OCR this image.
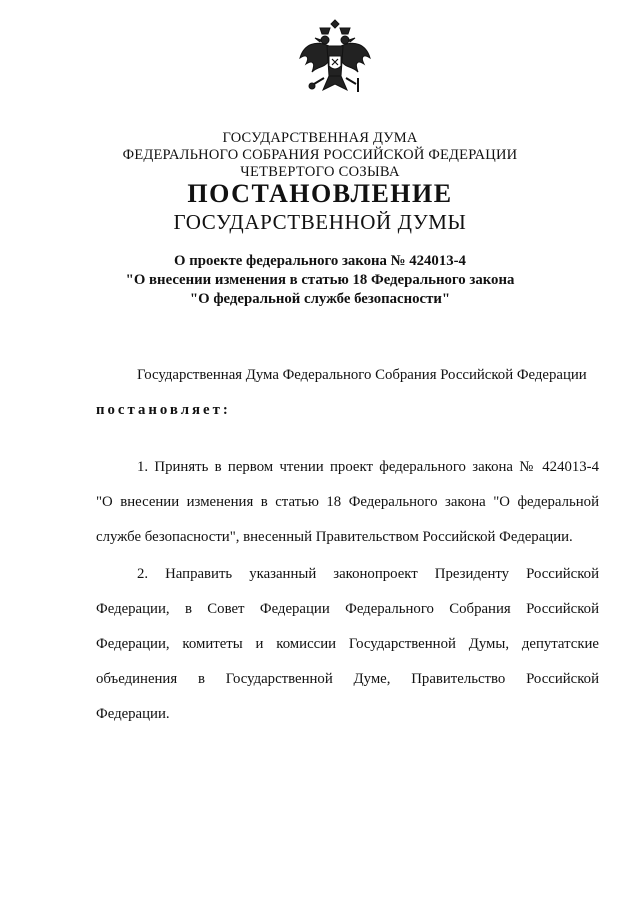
ГОСУДАРСТВЕННАЯ ДУМА
ФЕДЕРАЛЬНОГО СОБРАНИЯ РОССИЙСКОЙ ФЕДЕРАЦИИ
ЧЕТВЕРТОГО СОЗЫВА
ПОСТАНОВЛЕНИЕ
ГОСУДАРСТВЕННОЙ ДУМЫ
О проекте федерального закона № 424013-4
"О внесении изменения в статью 18 Федерального закона
"О федеральной службе безопасности"
Государственная Дума Федерального Собрания Российской Федерации
постановляет:
1. Принять в первом чтении проект федерального закона № 424013-4
"О внесении изменения в статью 18 Федерального закона "О федеральной
службе безопасности", внесенный Правительством Российской Федерации.
2. Направить указанный законопроект Президенту Российской
Федерации, в Совет Федерации Федерального Собрания Российской
Федерации, комитеты и комиссии Государственной Думы, депутатские
объединения в Государственной Думе, Правительство Российской
Федерации.
